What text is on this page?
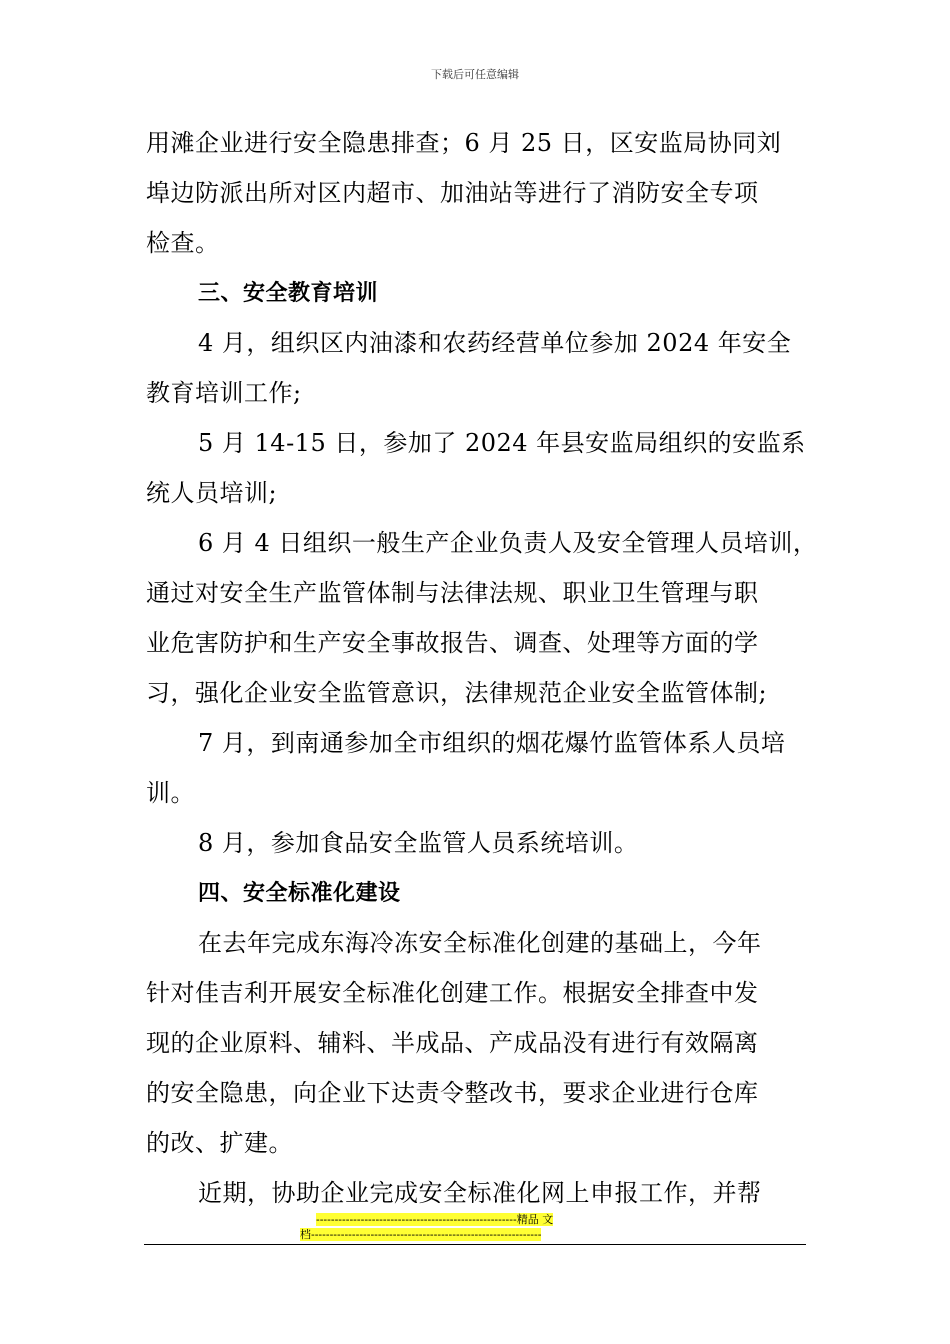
下载后可任意编辑
用滩企业进行安全隐患排查；6 月 25 日，区安监局协同刘
埠边防派出所对区内超市、加油站等进行了消防安全专项
检查。
三、安全教育培训
4 月，组织区内油漆和农药经营单位参加 2024 年安全
教育培训工作;
5 月 14-15 日，参加了 2024 年县安监局组织的安监系
统人员培训;
6 月 4 日组织一般生产企业负责人及安全管理人员培训，
通过对安全生产监管体制与法律法规、职业卫生管理与职
业危害防护和生产安全事故报告、调查、处理等方面的学
习，强化企业安全监管意识，法律规范企业安全监管体制;
7 月，到南通参加全市组织的烟花爆竹监管体系人员培
训。
8 月，参加食品安全监管人员系统培训。
四、安全标准化建设
在去年完成东海冷冻安全标准化创建的基础上，今年
针对佳吉利开展安全标准化创建工作。根据安全排查中发
现的企业原料、辅料、半成品、产成品没有进行有效隔离
的安全隐患，向企业下达责令整改书，要求企业进行仓库
的改、扩建。
近期，协助企业完成安全标准化网上申报工作，并帮
------------------------------------------------------精品 文
档--------------------------------------------------------------
